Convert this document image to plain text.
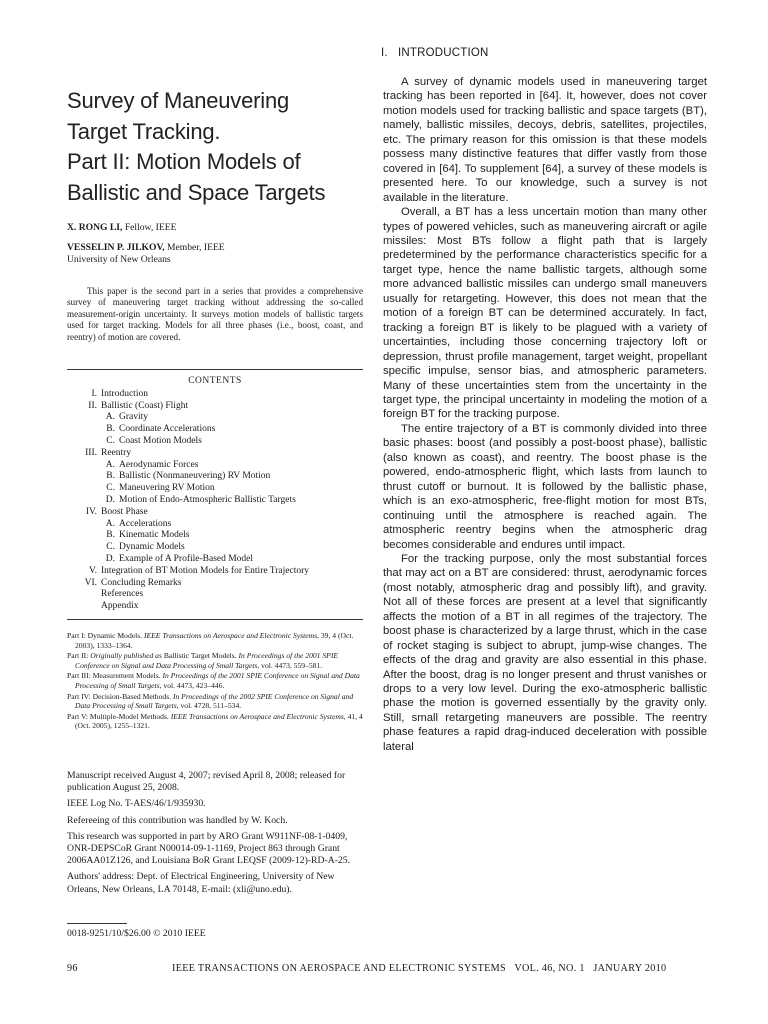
Survey of Maneuvering
Target Tracking.
Part II: Motion Models of
Ballistic and Space Targets
X. RONG LI, Fellow, IEEE
VESSELIN P. JILKOV, Member, IEEE
University of New Orleans
This paper is the second part in a series that provides a comprehensive survey of maneuvering target tracking without addressing the so-called measurement-origin uncertainty. It surveys motion models of ballistic targets used for target tracking. Models for all three phases (i.e., boost, coast, and reentry) of motion are covered.
CONTENTS
I. Introduction
II. Ballistic (Coast) Flight
A. Gravity
B. Coordinate Accelerations
C. Coast Motion Models
III. Reentry
A. Aerodynamic Forces
B. Ballistic (Nonmaneuvering) RV Motion
C. Maneuvering RV Motion
D. Motion of Endo-Atmospheric Ballistic Targets
IV. Boost Phase
A. Accelerations
B. Kinematic Models
C. Dynamic Models
D. Example of A Profile-Based Model
V. Integration of BT Motion Models for Entire Trajectory
VI. Concluding Remarks
References
Appendix

Part I: Dynamic Models. IEEE Transactions on Aerospace and Electronic Systems, 39, 4 (Oct. 2003), 1333–1364.

Part II: Originally published as Ballistic Target Models. In Proceedings of the 2001 SPIE Conference on Signal and Data Processing of Small Targets, vol. 4473, 559–581.

Part III: Measurement Models. In Proceedings of the 2001 SPIE Conference on Signal and Data Processing of Small Targets, vol. 4473, 423–446.

Part IV: Decision-Based Methods. In Proceedings of the 2002 SPIE Conference on Signal and Data Processing of Small Targets, vol. 4728, 511–534.

Part V: Multiple-Model Methods. IEEE Transactions on Aerospace and Electronic Systems, 41, 4 (Oct. 2005), 1255–1321.

Manuscript received August 4, 2007; revised April 8, 2008; released for publication August 25, 2008.

IEEE Log No. T-AES/46/1/935930.

Refereeing of this contribution was handled by W. Koch.

This research was supported in part by ARO Grant W911NF-08-1-0409, ONR-DEPSCoR Grant N00014-09-1-1169, Project 863 through Grant 2006AA01Z126, and Louisiana BoR Grant LEQSF (2009-12)-RD-A-25.

Authors' address: Dept. of Electrical Engineering, University of New Orleans, New Orleans, LA 70148, E-mail: (xli@uno.edu).

0018-9251/10/$26.00 © 2010 IEEE
I.   INTRODUCTION

A survey of dynamic models used in maneuvering target tracking has been reported in [64]. It, however, does not cover motion models used for tracking ballistic and space targets (BT), namely, ballistic missiles, decoys, debris, satellites, projectiles, etc. The primary reason for this omission is that these models possess many distinctive features that differ vastly from those covered in [64]. To supplement [64], a survey of these models is presented here. To our knowledge, such a survey is not available in the literature.

Overall, a BT has a less uncertain motion than many other types of powered vehicles, such as maneuvering aircraft or agile missiles: Most BTs follow a flight path that is largely predetermined by the performance characteristics specific for a target type, hence the name ballistic targets, although some more advanced ballistic missiles can undergo small maneuvers usually for retargeting. However, this does not mean that the motion of a foreign BT can be determined accurately. In fact, tracking a foreign BT is likely to be plagued with a variety of uncertainties, including those concerning trajectory loft or depression, thrust profile management, target weight, propellant specific impulse, sensor bias, and atmospheric parameters. Many of these uncertainties stem from the uncertainty in the target type, the principal uncertainty in modeling the motion of a foreign BT for the tracking purpose.

The entire trajectory of a BT is commonly divided into three basic phases: boost (and possibly a post-boost phase), ballistic (also known as coast), and reentry. The boost phase is the powered, endo-atmospheric flight, which lasts from launch to thrust cutoff or burnout. It is followed by the ballistic phase, which is an exo-atmospheric, free-flight motion for most BTs, continuing until the atmosphere is reached again. The atmospheric reentry begins when the atmospheric drag becomes considerable and endures until impact.

For the tracking purpose, only the most substantial forces that may act on a BT are considered: thrust, aerodynamic forces (most notably, atmospheric drag and possibly lift), and gravity. Not all of these forces are present at a level that significantly affects the motion of a BT in all regimes of the trajectory. The boost phase is characterized by a large thrust, which in the case of rocket staging is subject to abrupt, jump-wise changes. The effects of the drag and gravity are also essential in this phase. After the boost, drag is no longer present and thrust vanishes or drops to a very low level. During the exo-atmospheric ballistic phase the motion is governed essentially by the gravity only. Still, small retargeting maneuvers are possible. The reentry phase features a rapid drag-induced deceleration with possible lateral

96	IEEE TRANSACTIONS ON AEROSPACE AND ELECTRONIC SYSTEMS   VOL. 46, NO. 1   JANUARY 2010
